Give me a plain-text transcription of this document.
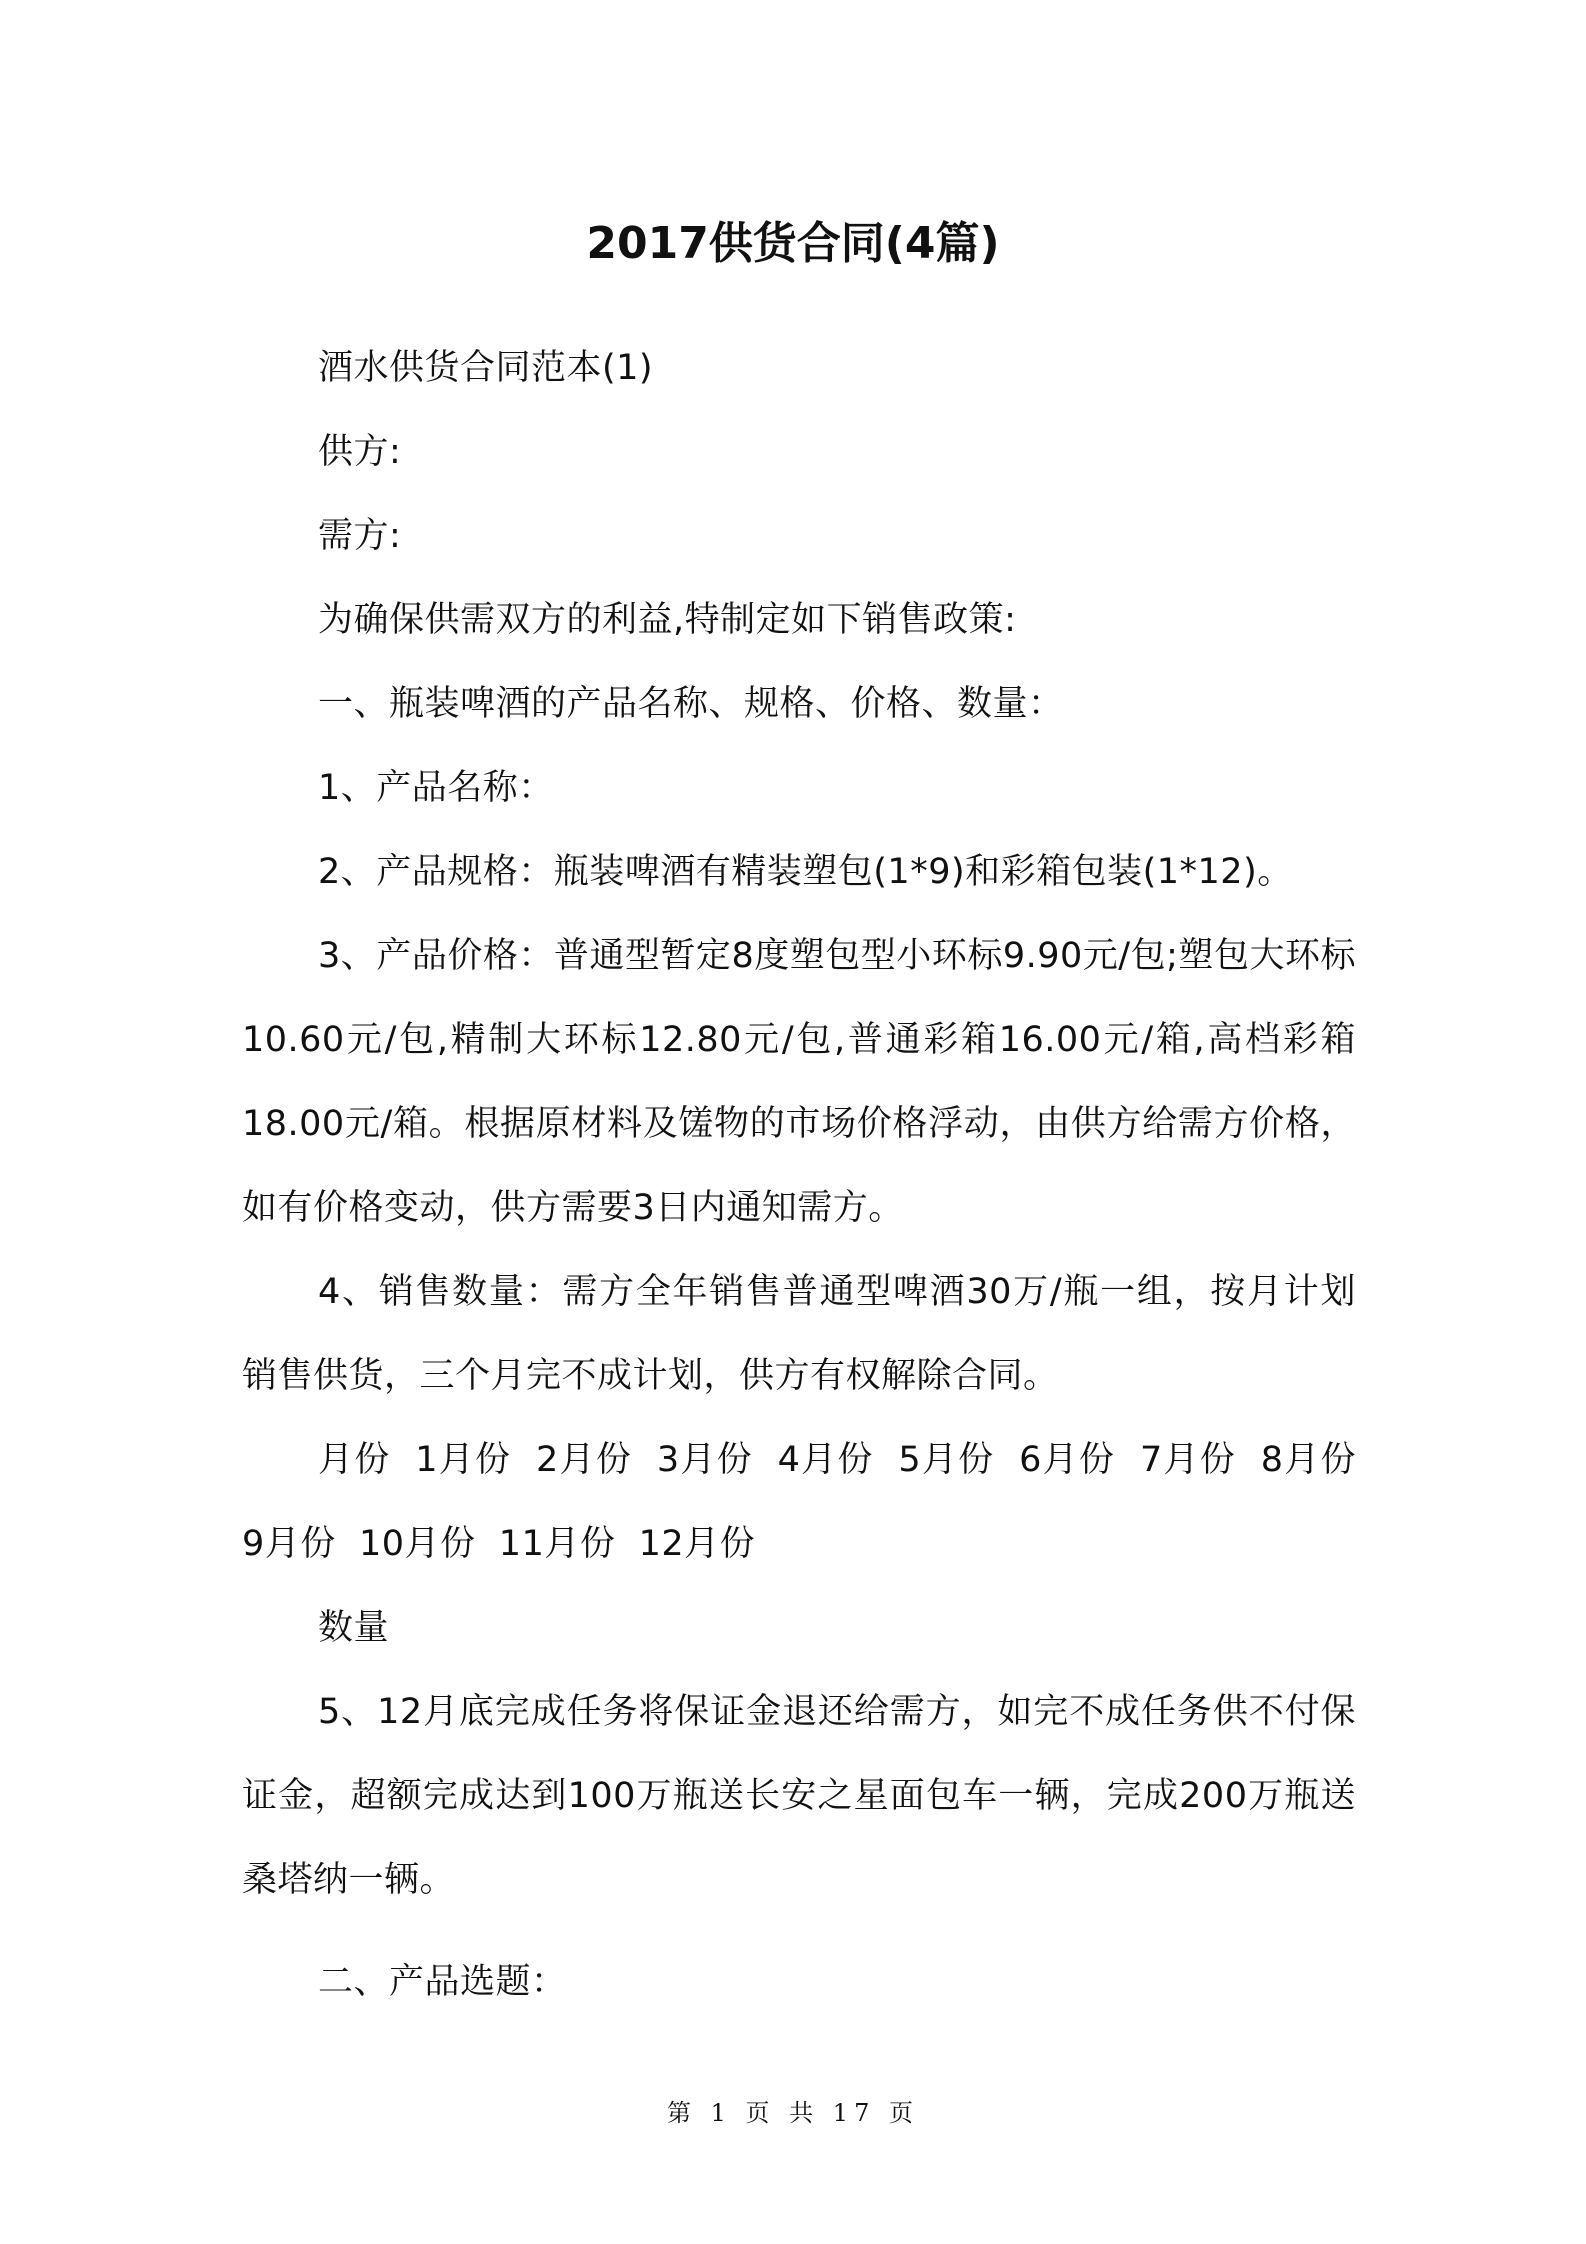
2017供货合同(4篇)

酒水供货合同范本(1)

供方:

需方:

为确保供需双方的利益,特制定如下销售政策:

一、瓶装啤酒的产品名称、规格、价格、数量：

1、产品名称：

2、产品规格：瓶装啤酒有精装塑包(1*9)和彩箱包装(1*12)。

3、产品价格：普通型暂定8度塑包型小环标9.90元/包;塑包大环标10.60元/包,精制大环标12.80元/包,普通彩箱16.00元/箱,高档彩箱18.00元/箱。根据原材料及馐物的市场价格浮动，由供方给需方价格，如有价格变动，供方需要3日内通知需方。

4、销售数量：需方全年销售普通型啤酒30万/瓶一组，按月计划销售供货，三个月完不成计划，供方有权解除合同。

月份  1月份  2月份  3月份  4月份  5月份  6月份  7月份  8月份  9月份  10月份  11月份  12月份

数量

5、12月底完成任务将保证金退还给需方，如完不成任务供不付保证金，超额完成达到100万瓶送长安之星面包车一辆，完成200万瓶送桑塔纳一辆。

二、产品选题：

第 1 页 共 17 页
